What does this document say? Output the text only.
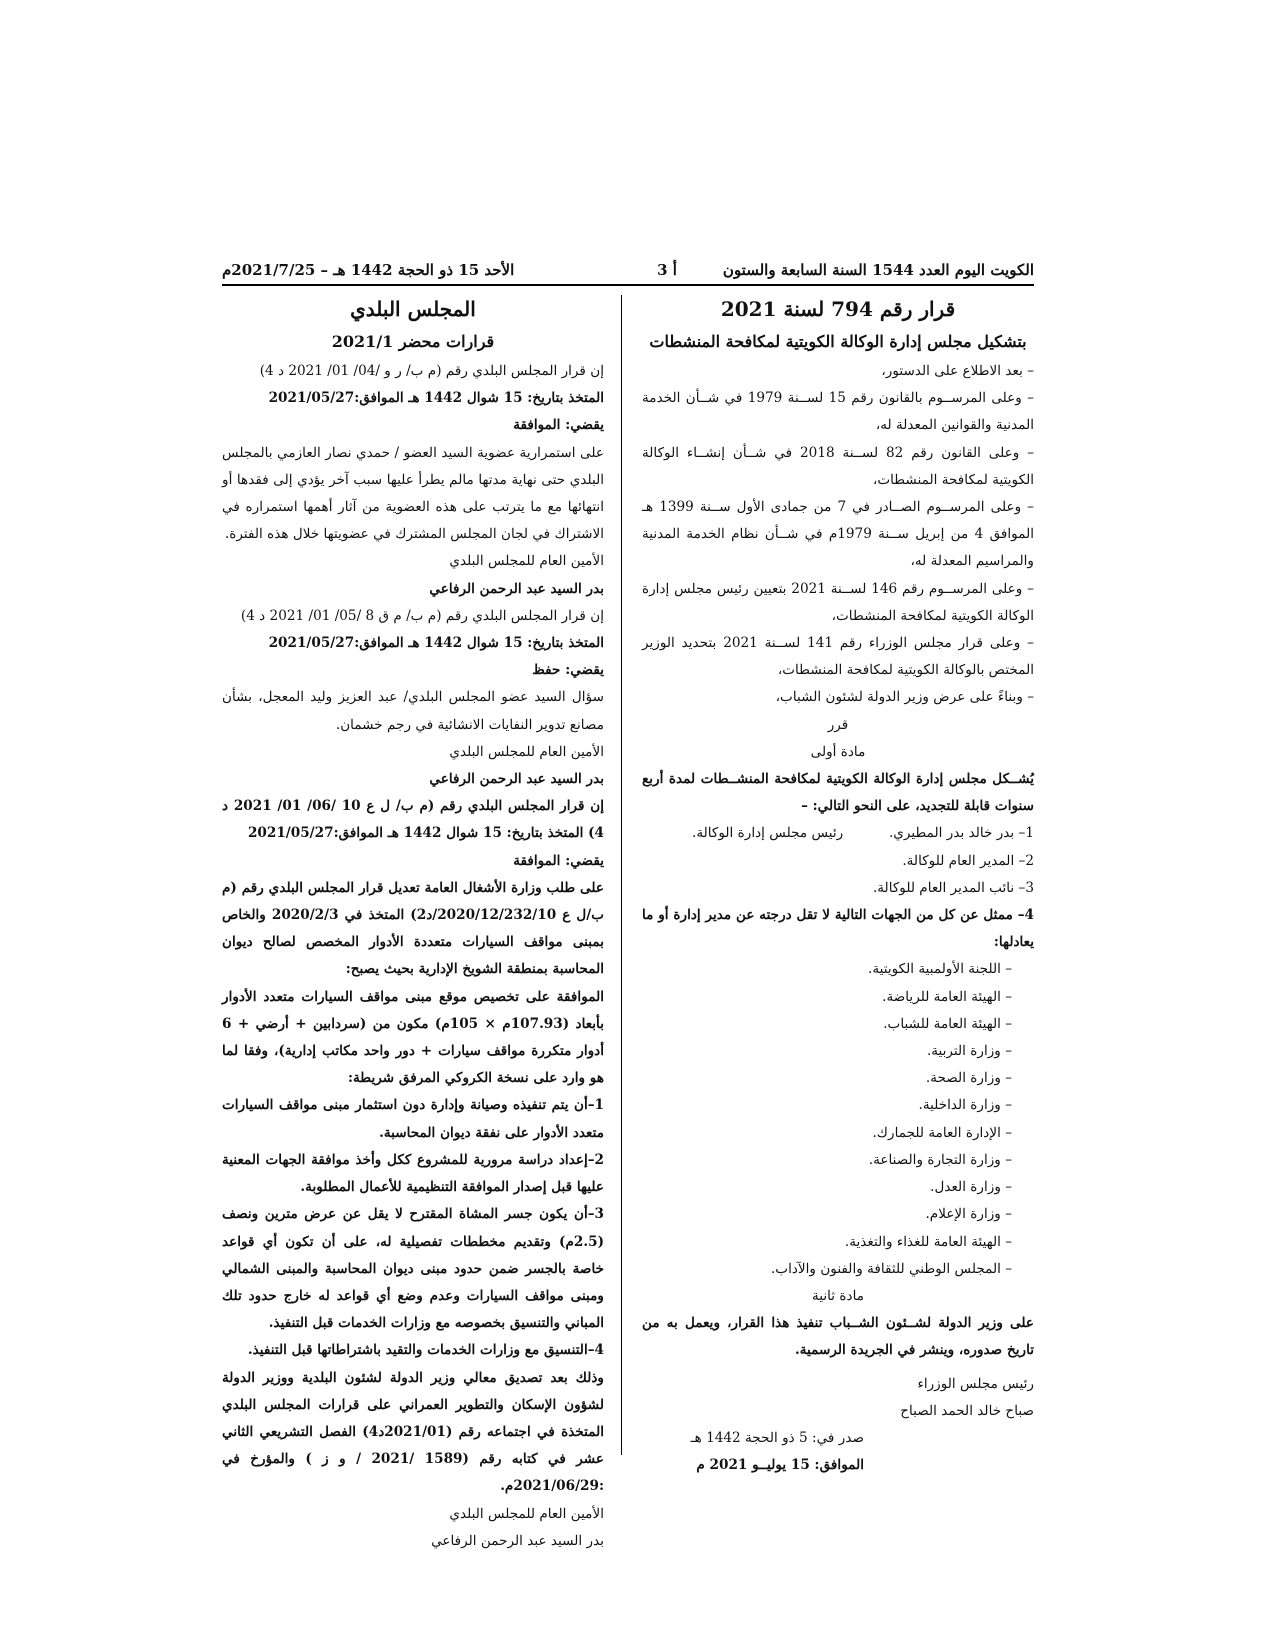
الأحد 15 ذو الحجة 1442 هـ – 2021/7/25م	أ 3	الكويت اليوم العدد 1544 السنة السابعة والستون

قرار رقم 794 لسنة 2021

بتشكيل مجلس إدارة الوكالة الكويتية لمكافحة المنشطات

– بعد الاطلاع على الدستور،

– وعلى المرســوم بالقانون رقم 15 لســنة 1979 في شــأن الخدمة المدنية والقوانين المعدلة له،

– وعلى القانون رقم 82 لســنة 2018 في شــأن إنشــاء الوكالة الكويتية لمكافحة المنشطات،

– وعلى المرســوم الصــادر في 7 من جمادى الأول ســنة 1399 هـ الموافق 4 من إبريل ســنة 1979م في شــأن نظام الخدمة المدنية والمراسيم المعدلة له،

– وعلى المرســوم رقم 146 لســنة 2021 بتعيين رئيس مجلس إدارة الوكالة الكويتية لمكافحة المنشطات،

– وعلى قرار مجلس الوزراء رقم 141 لســنة 2021 بتحديد الوزير المختص بالوكالة الكويتية لمكافحة المنشطات،

– وبناءً على عرض وزير الدولة لشئون الشباب،

قرر

مادة أولى

يُشــكل مجلس إدارة الوكالة الكويتية لمكافحة المنشــطات لمدة أربع سنوات قابلة للتجديد، على النحو التالي: –

1– بدر خالد بدر المطيري.
رئيس مجلس إدارة الوكالة.

2– المدير العام للوكالة.

3– نائب المدير العام للوكالة.

4– ممثل عن كل من الجهات التالية لا تقل درجته عن مدير إدارة أو ما يعادلها:

– اللجنة الأولمبية الكويتية.

– الهيئة العامة للرياضة.

– الهيئة العامة للشباب.

– وزارة التربية.

– وزارة الصحة.

– وزارة الداخلية.

– الإدارة العامة للجمارك.

– وزارة التجارة والصناعة.

– وزارة العدل.

– وزارة الإعلام.

– الهيئة العامة للغذاء والتغذية.

– المجلس الوطني للثقافة والفنون والآداب.

مادة ثانية

على وزير الدولة لشــئون الشــباب تنفيذ هذا القرار، ويعمل به من تاريخ صدوره، وينشر في الجريدة الرسمية.

رئيس مجلس الوزراء

صباح خالد الحمد الصباح

صدر في: 5 ذو الحجة 1442 هـ

الموافق: 15 يوليــو 2021 م

المجلس البلدي

قرارات محضر 2021/1

إن قرار المجلس البلدي رقم (م ب/ ر و /04/ 01/ 2021 د 4)

المتخذ بتاريخ: 15 شوال 1442 هـ الموافق:2021/05/27

يقضي: الموافقة

على استمرارية عضوية السيد العضو / حمدي نصار العازمي بالمجلس البلدي حتى نهاية مدتها مالم يطرأ عليها سبب آخر يؤدي إلى فقدها أو انتهائها مع ما يترتب على هذه العضوية من آثار أهمها استمراره في الاشتراك في لجان المجلس المشترك في عضويتها خلال هذه الفترة.

الأمين العام للمجلس البلدي

بدر السيد عبد الرحمن الرفاعي

إن قرار المجلس البلدي رقم (م ب/ م ق 8 /05/ 01/ 2021 د 4)

المتخذ بتاريخ: 15 شوال 1442 هـ الموافق:2021/05/27

يقضي: حفظ

سؤال السيد عضو المجلس البلدي/ عبد العزيز وليد المعجل، بشأن مصانع تدوير النفايات الانشائية في رجم خشمان.

الأمين العام للمجلس البلدي

بدر السيد عبد الرحمن الرفاعي

إن قرار المجلس البلدي رقم (م ب/ ل ع 10 /06/ 01/ 2021 د 4) المتخذ بتاريخ: 15 شوال 1442 هـ الموافق:2021/05/27

يقضي: الموافقة

على طلب وزارة الأشغال العامة تعديل قرار المجلس البلدي رقم (م ب/ل ع 2020/12/232/10/د2) المتخذ في 2020/2/3 والخاص بمبنى مواقف السيارات متعددة الأدوار المخصص لصالح ديوان المحاسبة بمنطقة الشويخ الإدارية بحيث يصبح:

الموافقة على تخصيص موقع مبنى مواقف السيارات متعدد الأدوار بأبعاد (107.93م × 105م) مكون من (سردابين + أرضي + 6 أدوار متكررة مواقف سيارات + دور واحد مكاتب إدارية)، وفقا لما هو وارد على نسخة الكروكي المرفق شريطة:

1–أن يتم تنفيذه وصيانة وإدارة دون استثمار مبنى مواقف السيارات متعدد الأدوار على نفقة ديوان المحاسبة.

2–إعداد دراسة مرورية للمشروع ككل وأخذ موافقة الجهات المعنية عليها قبل إصدار الموافقة التنظيمية للأعمال المطلوبة.

3–أن يكون جسر المشاة المقترح لا يقل عن عرض مترين ونصف (2.5م) وتقديم مخططات تفصيلية له، على أن تكون أي قواعد خاصة بالجسر ضمن حدود مبنى ديوان المحاسبة والمبنى الشمالي ومبنى مواقف السيارات وعدم وضع أي قواعد له خارج حدود تلك المباني والتنسيق بخصوصه مع وزارات الخدمات قبل التنفيذ.

4–التنسيق مع وزارات الخدمات والتقيد باشتراطاتها قبل التنفيذ.

وذلك بعد تصديق معالي وزير الدولة لشئون البلدية ووزير الدولة لشؤون الإسكان والتطوير العمراني على قرارات المجلس البلدي المتخذة في اجتماعه رقم (2021/01د4) الفصل التشريعي الثاني عشر في كتابه رقم (1589 /2021 / و ز ) والمؤرخ في :2021/06/29م.

الأمين العام للمجلس البلدي

بدر السيد عبد الرحمن الرفاعي
